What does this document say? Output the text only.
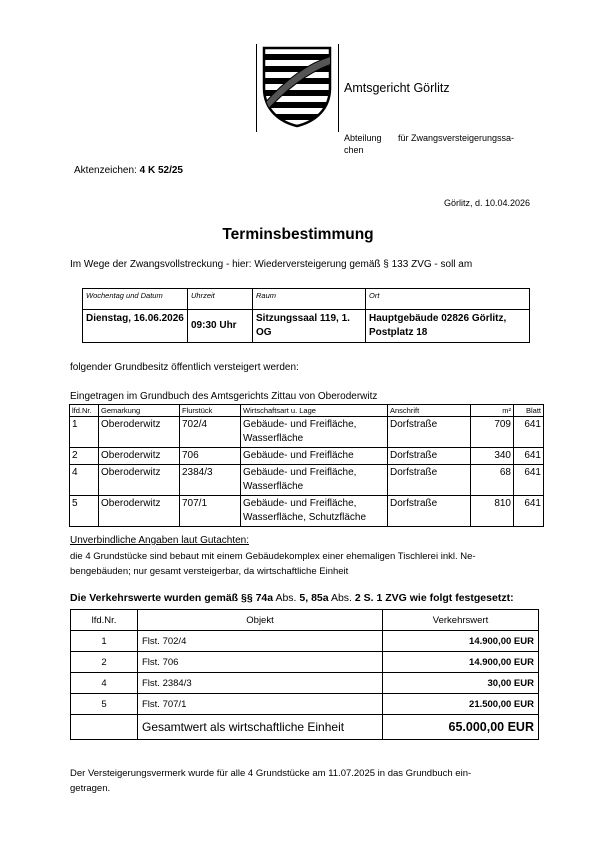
Amtsgericht Görlitz
Abteilung für Zwangsversteigerungssa-
chen
Aktenzeichen: 4 K 52/25
Görlitz, d. 10.04.2026
Terminsbestimmung
Im Wege der Zwangsvollstreckung - hier: Wiederversteigerung gemäß § 133 ZVG - soll am
Wochentag und Datum	Uhrzeit	Raum	Ort
Dienstag, 16.06.2026	09:30 Uhr	Sitzungssaal 119, 1. OG	Hauptgebäude 02826 Görlitz, Postplatz 18
folgender Grundbesitz öffentlich versteigert werden:
Eingetragen im Grundbuch des Amtsgerichts Zittau von Oberoderwitz
lfd.Nr.	Gemarkung	Flurstück	Wirtschaftsart u. Lage	Anschrift	m²	Blatt
1	Oberoderwitz	702/4	Gebäude- und Freifläche, Wasserfläche	Dorfstraße	709	641
2	Oberoderwitz	706	Gebäude- und Freifläche	Dorfstraße	340	641
4	Oberoderwitz	2384/3	Gebäude- und Freifläche, Wasserfläche	Dorfstraße	68	641
5	Oberoderwitz	707/1	Gebäude- und Freifläche, Wasserfläche, Schutzfläche	Dorfstraße	810	641
Unverbindliche Angaben laut Gutachten:
die 4 Grundstücke sind bebaut mit einem Gebäudekomplex einer ehemaligen Tischlerei inkl. Ne-
bengebäuden; nur gesamt versteigerbar, da wirtschaftliche Einheit
Die Verkehrswerte wurden gemäß §§ 74a Abs. 5, 85a Abs. 2 S. 1 ZVG wie folgt festgesetzt:
lfd.Nr.	Objekt	Verkehrswert
1	Flst. 702/4	14.900,00 EUR
2	Flst. 706	14.900,00 EUR
4	Flst. 2384/3	30,00 EUR
5	Flst. 707/1	21.500,00 EUR
	Gesamtwert als wirtschaftliche Einheit	65.000,00 EUR
Der Versteigerungsvermerk wurde für alle 4 Grundstücke am 11.07.2025 in das Grundbuch ein-
getragen.
